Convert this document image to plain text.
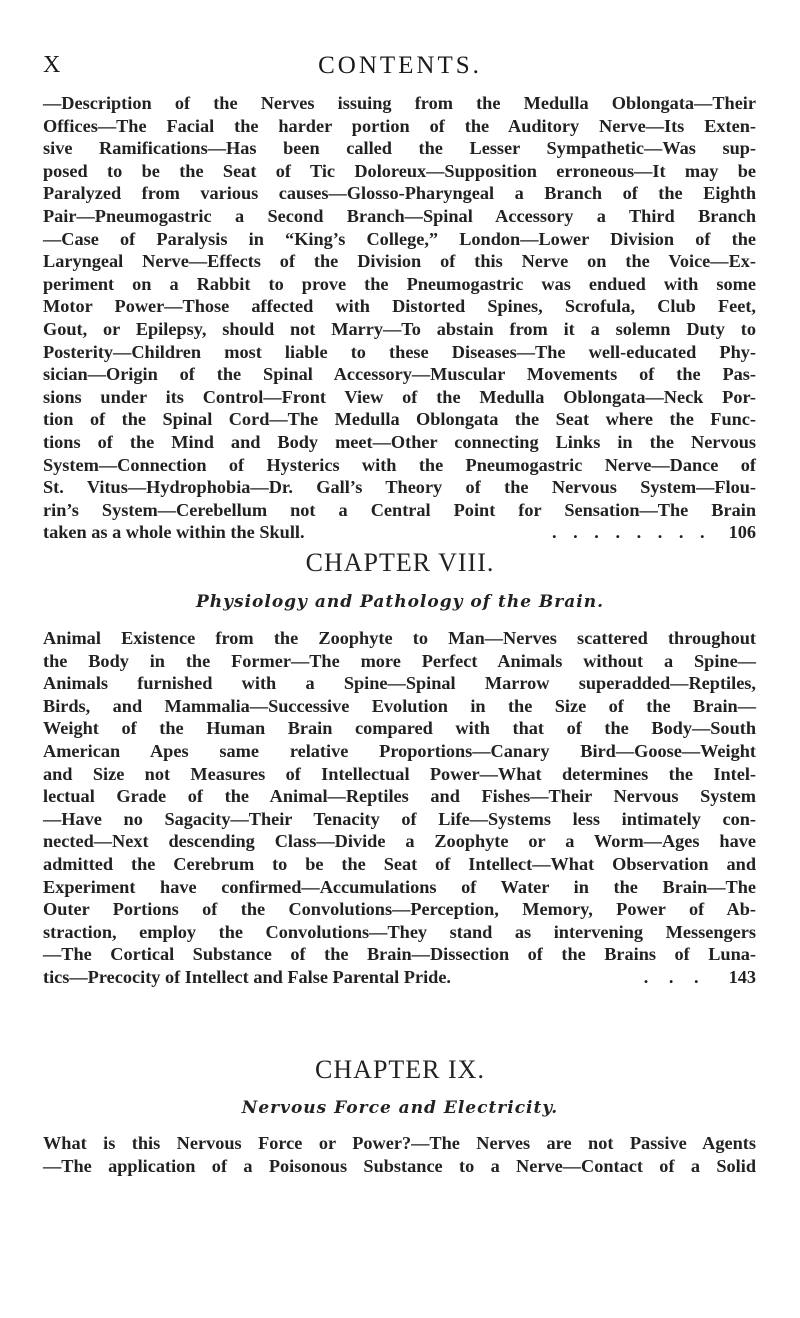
X	CONTENTS.
—Description of the Nerves issuing from the Medulla Oblongata—Their
Offices—The Facial the harder portion of the Auditory Nerve—Its Exten-
sive Ramifications—Has been called the Lesser Sympathetic—Was sup-
posed to be the Seat of Tic Doloreux—Supposition erroneous—It may be
Paralyzed from various causes—Glosso-Pharyngeal a Branch of the Eighth
Pair—Pneumogastric a Second Branch—Spinal Accessory a Third Branch
—Case of Paralysis in “King’s College,” London—Lower Division of the
Laryngeal Nerve—Effects of the Division of this Nerve on the Voice—Ex-
periment on a Rabbit to prove the Pneumogastric was endued with some
Motor Power—Those affected with Distorted Spines, Scrofula, Club Feet,
Gout, or Epilepsy, should not Marry—To abstain from it a solemn Duty to
Posterity—Children most liable to these Diseases—The well-educated Phy-
sician—Origin of the Spinal Accessory—Muscular Movements of the Pas-
sions under its Control—Front View of the Medulla Oblongata—Neck Por-
tion of the Spinal Cord—The Medulla Oblongata the Seat where the Func-
tions of the Mind and Body meet—Other connecting Links in the Nervous
System—Connection of Hysterics with the Pneumogastric Nerve—Dance of
St. Vitus—Hydrophobia—Dr. Gall’s Theory of the Nervous System—Flou-
rin’s System—Cerebellum not a Central Point for Sensation—The Brain
taken as a whole within the Skull.	. . . . . . . . 106
CHAPTER VIII.
Physiology and Pathology of the Brain.
Animal Existence from the Zoophyte to Man—Nerves scattered throughout
the Body in the Former—The more Perfect Animals without a Spine—
Animals furnished with a Spine—Spinal Marrow superadded—Reptiles,
Birds, and Mammalia—Successive Evolution in the Size of the Brain—
Weight of the Human Brain compared with that of the Body—South
American Apes same relative Proportions—Canary Bird—Goose—Weight
and Size not Measures of Intellectual Power—What determines the Intel-
lectual Grade of the Animal—Reptiles and Fishes—Their Nervous System
—Have no Sagacity—Their Tenacity of Life—Systems less intimately con-
nected—Next descending Class—Divide a Zoophyte or a Worm—Ages have
admitted the Cerebrum to be the Seat of Intellect—What Observation and
Experiment have confirmed—Accumulations of Water in the Brain—The
Outer Portions of the Convolutions—Perception, Memory, Power of Ab-
straction, employ the Convolutions—They stand as intervening Messengers
—The Cortical Substance of the Brain—Dissection of the Brains of Luna-
tics—Precocity of Intellect and False Parental Pride.	. . .	143
CHAPTER IX.
Nervous Force and Electricity.
What is this Nervous Force or Power?—The Nerves are not Passive Agents
—The application of a Poisonous Substance to a Nerve—Contact of a Solid
